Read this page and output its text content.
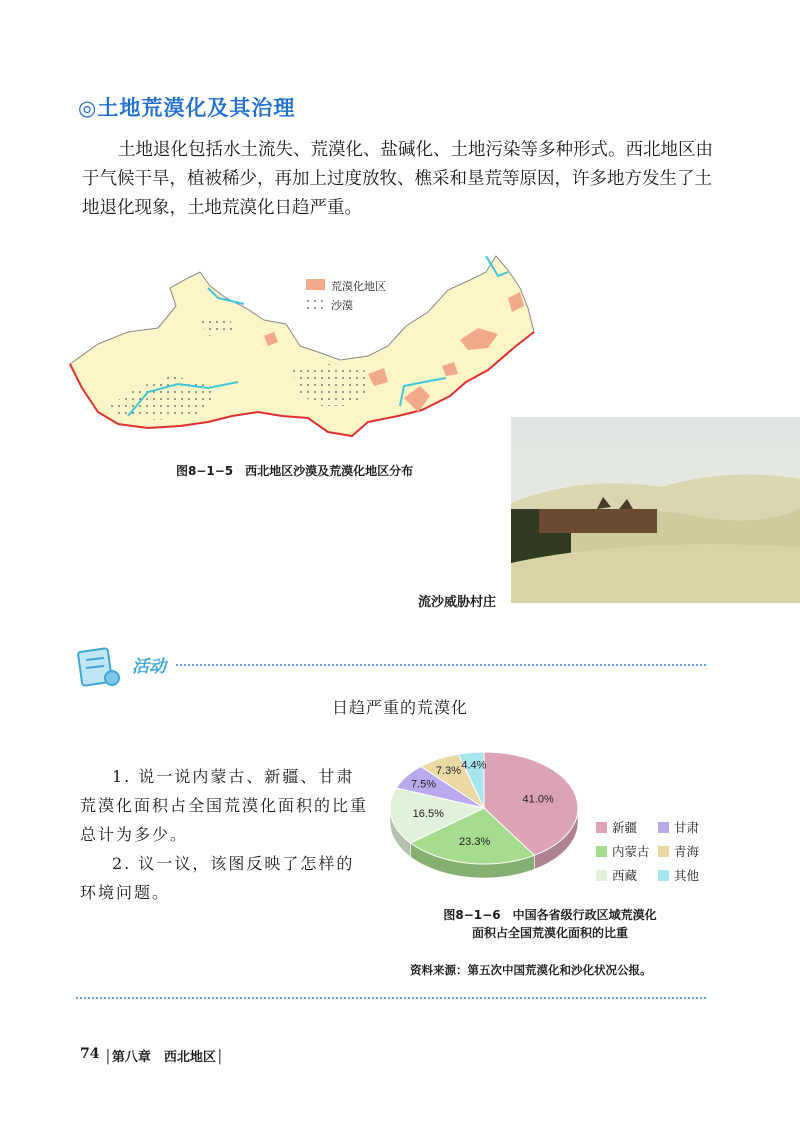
◎土地荒漠化及其治理
土地退化包括水土流失、荒漠化、盐碱化、土地污染等多种形式。西北地区由于气候干旱，植被稀少，再加上过度放牧、樵采和垦荒等原因，许多地方发生了土地退化现象，土地荒漠化日趋严重。
荒漠化地区
沙漠
图8−1−5　西北地区沙漠及荒漠化地区分布
流沙威胁村庄
活动
日趋严重的荒漠化

1. 说一说内蒙古、新疆、甘肃荒漠化面积占全国荒漠化面积的比重总计为多少。

2. 议一议，该图反映了怎样的环境问题。

41.0%
23.3%
16.5%
7.5%
7.3% 4.4%
新疆	甘肃
内蒙古 青海
西藏	其他
图8−1−6　中国各省级行政区域荒漠化
面积占全国荒漠化面积的比重
资料来源：第五次中国荒漠化和沙化状况公报。
74 │第八章　西北地区│
